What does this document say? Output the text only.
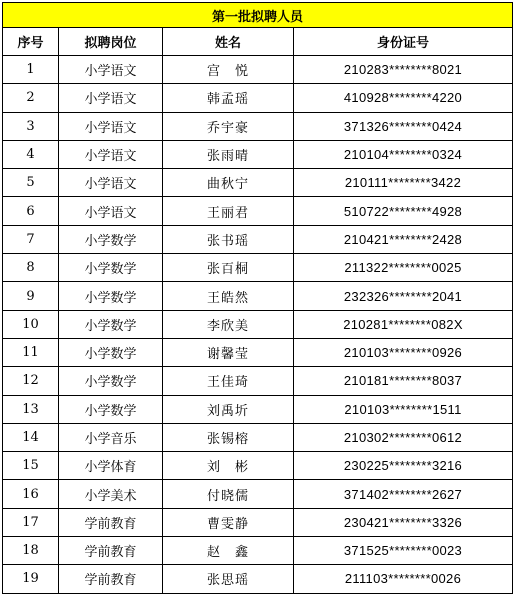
第一批拟聘人员			
序号	拟聘岗位	姓名	身份证号
1	小学语文	宫　悦	210283********8021
2	小学语文	韩孟瑶	410928********4220
3	小学语文	乔宇豪	371326********0424
4	小学语文	张雨晴	210104********0324
5	小学语文	曲秋宁	210111********3422
6	小学语文	王丽君	510722********4928
7	小学数学	张书瑶	210421********2428
8	小学数学	张百桐	211322********0025
9	小学数学	王皓然	232326********2041
10	小学数学	李欣美	210281********082X
11	小学数学	谢馨莹	210103********0926
12	小学数学	王佳琦	210181********8037
13	小学数学	刘禹圻	210103********1511
14	小学音乐	张锡榕	210302********0612
15	小学体育	刘　彬	230225********3216
16	小学美术	付晓儒	371402********2627
17	学前教育	曹雯静	230421********3326
18	学前教育	赵　鑫	371525********0023
19	学前教育	张思瑶	211103********0026
